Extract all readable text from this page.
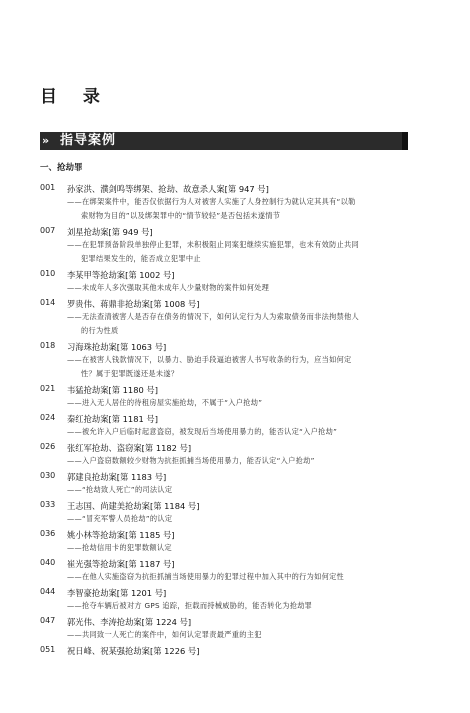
目 录
» 指导案例
一、抢劫罪
001	孙家洪、濮剑鸣等绑架、抢劫、故意杀人案[第 947 号]
——在绑架案件中，能否仅依据行为人对被害人实施了人身控制行为就认定其具有“以勒
索财物为目的”以及绑架罪中的“情节较轻”是否包括未遂情节
007	刘星抢劫案[第 949 号]
——在犯罪预备阶段单独停止犯罪，未积极阻止同案犯继续实施犯罪，也未有效防止共同
犯罪结果发生的，能否成立犯罪中止
010	李某甲等抢劫案[第 1002 号]
——未成年人多次强取其他未成年人少量财物的案件如何处理
014	罗贵伟、蒋鼎非抢劫案[第 1008 号]
——无法查清被害人是否存在债务的情况下，如何认定行为人为索取债务而非法拘禁他人
的行为性质
018	习海珠抢劫案[第 1063 号]
——在被害人钱款情况下，以暴力、胁迫手段逼迫被害人书写收条的行为，应当如何定
性？属于犯罪既遂还是未遂？
021	韦猛抢劫案[第 1180 号]
——进入无人居住的待租房屋实施抢劫，不属于“入户抢劫”
024	秦红抢劫案[第 1181 号]
——被允许入户后临时起意盗窃，被发现后当场使用暴力的，能否认定“入户抢劫”
026	张红军抢劫、盗窃案[第 1182 号]
——入户盗窃数额较少财物为抗拒抓捕当场使用暴力，能否认定“入户抢劫”
030	郭建良抢劫案[第 1183 号]
——“抢劫致人死亡”的司法认定
033	王志国、尚建美抢劫案[第 1184 号]
——“冒充军警人员抢劫”的认定
036	姚小林等抢劫案[第 1185 号]
——抢劫信用卡的犯罪数额认定
040	崔光强等抢劫案[第 1187 号]
——在他人实施盗窃为抗拒抓捕当场使用暴力的犯罪过程中加入其中的行为如何定性
044	李智豪抢劫案[第 1201 号]
——抢夺车辆后被对方 GPS 追踪，拒载而持械威胁的，能否转化为抢劫罪
047	郭光伟、李涛抢劫案[第 1224 号]
——共同致一人死亡的案件中，如何认定罪责最严重的主犯
051	祝日峰、祝某强抢劫案[第 1226 号]
